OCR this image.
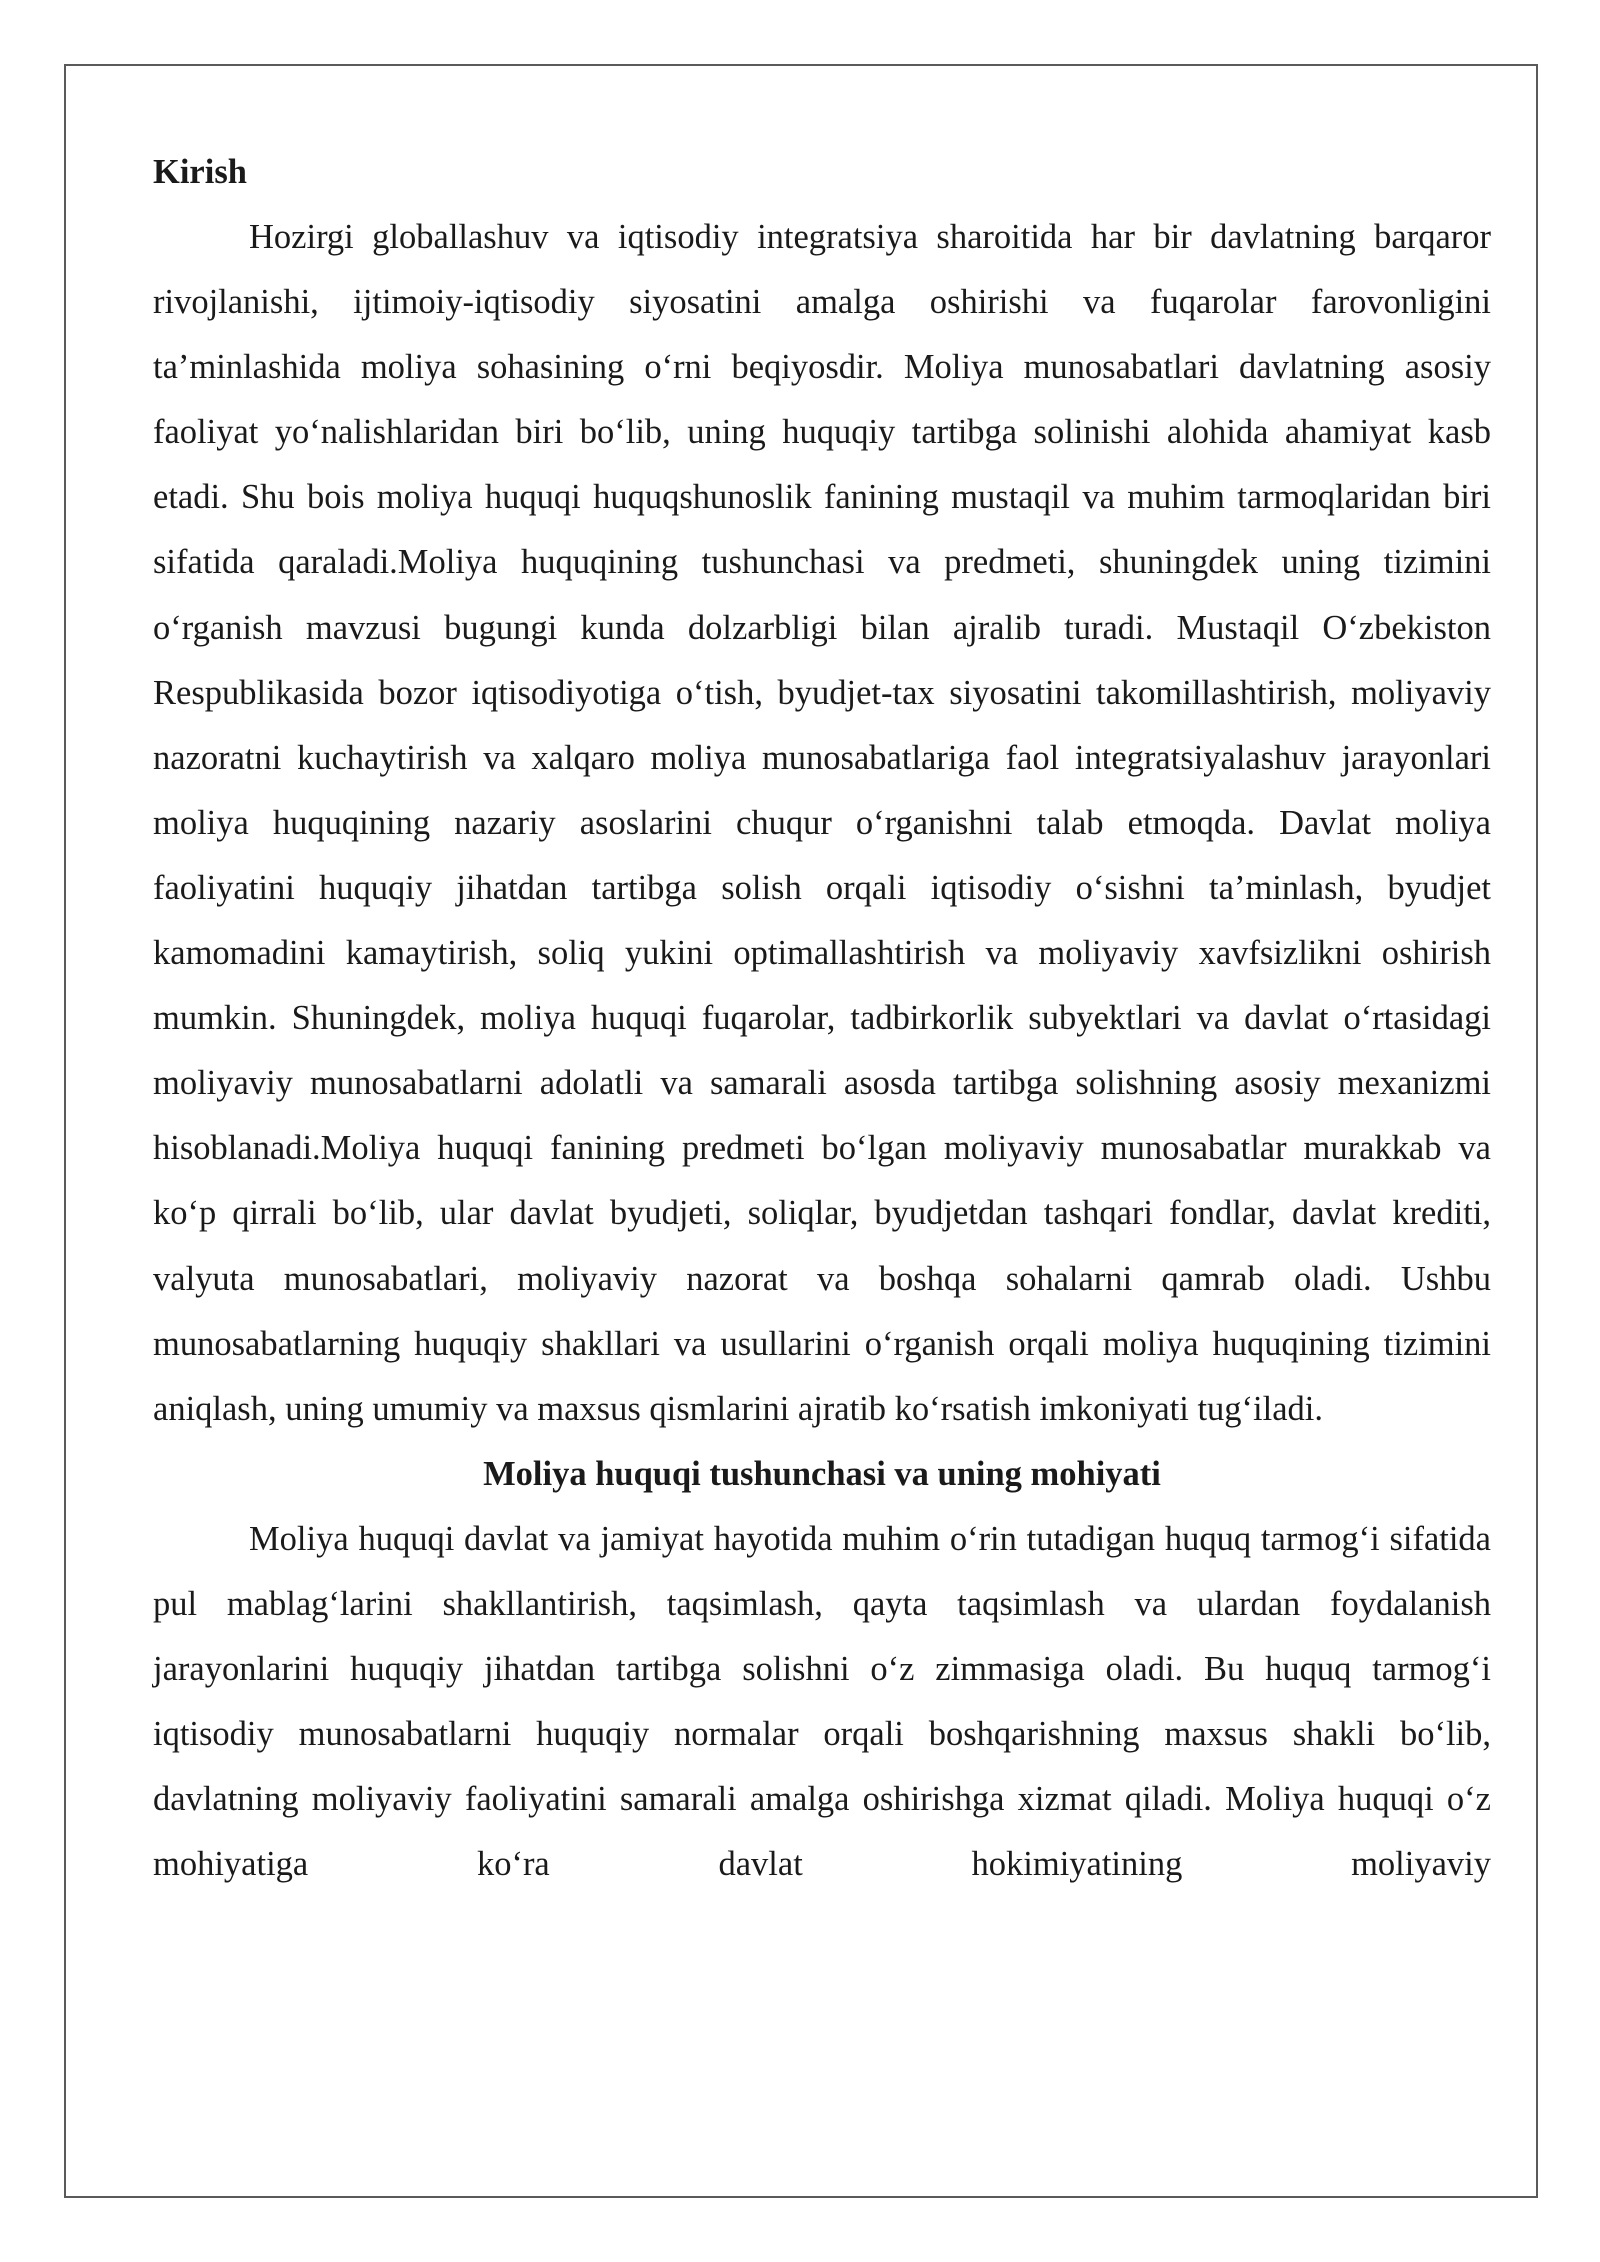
Kirish

Hozirgi globallashuv va iqtisodiy integratsiya sharoitida har bir davlatning barqaror rivojlanishi, ijtimoiy-iqtisodiy siyosatini amalga oshirishi va fuqarolar farovonligini ta’minlashida moliya sohasining o‘rni beqiyosdir. Moliya munosabatlari davlatning asosiy faoliyat yo‘nalishlaridan biri bo‘lib, uning huquqiy tartibga solinishi alohida ahamiyat kasb etadi. Shu bois moliya huquqi huquqshunoslik fanining mustaqil va muhim tarmoqlaridan biri sifatida qaraladi.Moliya huquqining tushunchasi va predmeti, shuningdek uning tizimini o‘rganish mavzusi bugungi kunda dolzarbligi bilan ajralib turadi. Mustaqil O‘zbekiston Respublikasida bozor iqtisodiyotiga o‘tish, byudjet-tax siyosatini takomillashtirish, moliyaviy nazoratni kuchaytirish va xalqaro moliya munosabatlariga faol integratsiyalashuv jarayonlari moliya huquqining nazariy asoslarini chuqur o‘rganishni talab etmoqda. Davlat moliya faoliyatini huquqiy jihatdan tartibga solish orqali iqtisodiy o‘sishni ta’minlash, byudjet kamomadini kamaytirish, soliq yukini optimallashtirish va moliyaviy xavfsizlikni oshirish mumkin. Shuningdek, moliya huquqi fuqarolar, tadbirkorlik subyektlari va davlat o‘rtasidagi moliyaviy munosabatlarni adolatli va samarali asosda tartibga solishning asosiy mexanizmi hisoblanadi.Moliya huquqi fanining predmeti bo‘lgan moliyaviy munosabatlar murakkab va ko‘p qirrali bo‘lib, ular davlat byudjeti, soliqlar, byudjetdan tashqari fondlar, davlat krediti, valyuta munosabatlari, moliyaviy nazorat va boshqa sohalarni qamrab oladi. Ushbu munosabatlarning huquqiy shakllari va usullarini o‘rganish orqali moliya huquqining tizimini aniqlash, uning umumiy va maxsus qismlarini ajratib ko‘rsatish imkoniyati tug‘iladi.

Moliya huquqi tushunchasi va uning mohiyati

Moliya huquqi davlat va jamiyat hayotida muhim o‘rin tutadigan huquq tarmog‘i sifatida pul mablag‘larini shakllantirish, taqsimlash, qayta taqsimlash va ulardan foydalanish jarayonlarini huquqiy jihatdan tartibga solishni o‘z zimmasiga oladi. Bu huquq tarmog‘i iqtisodiy munosabatlarni huquqiy normalar orqali boshqarishning maxsus shakli bo‘lib, davlatning moliyaviy faoliyatini samarali amalga oshirishga xizmat qiladi. Moliya huquqi o‘z mohiyatiga ko‘ra davlat hokimiyatining moliyaviy
